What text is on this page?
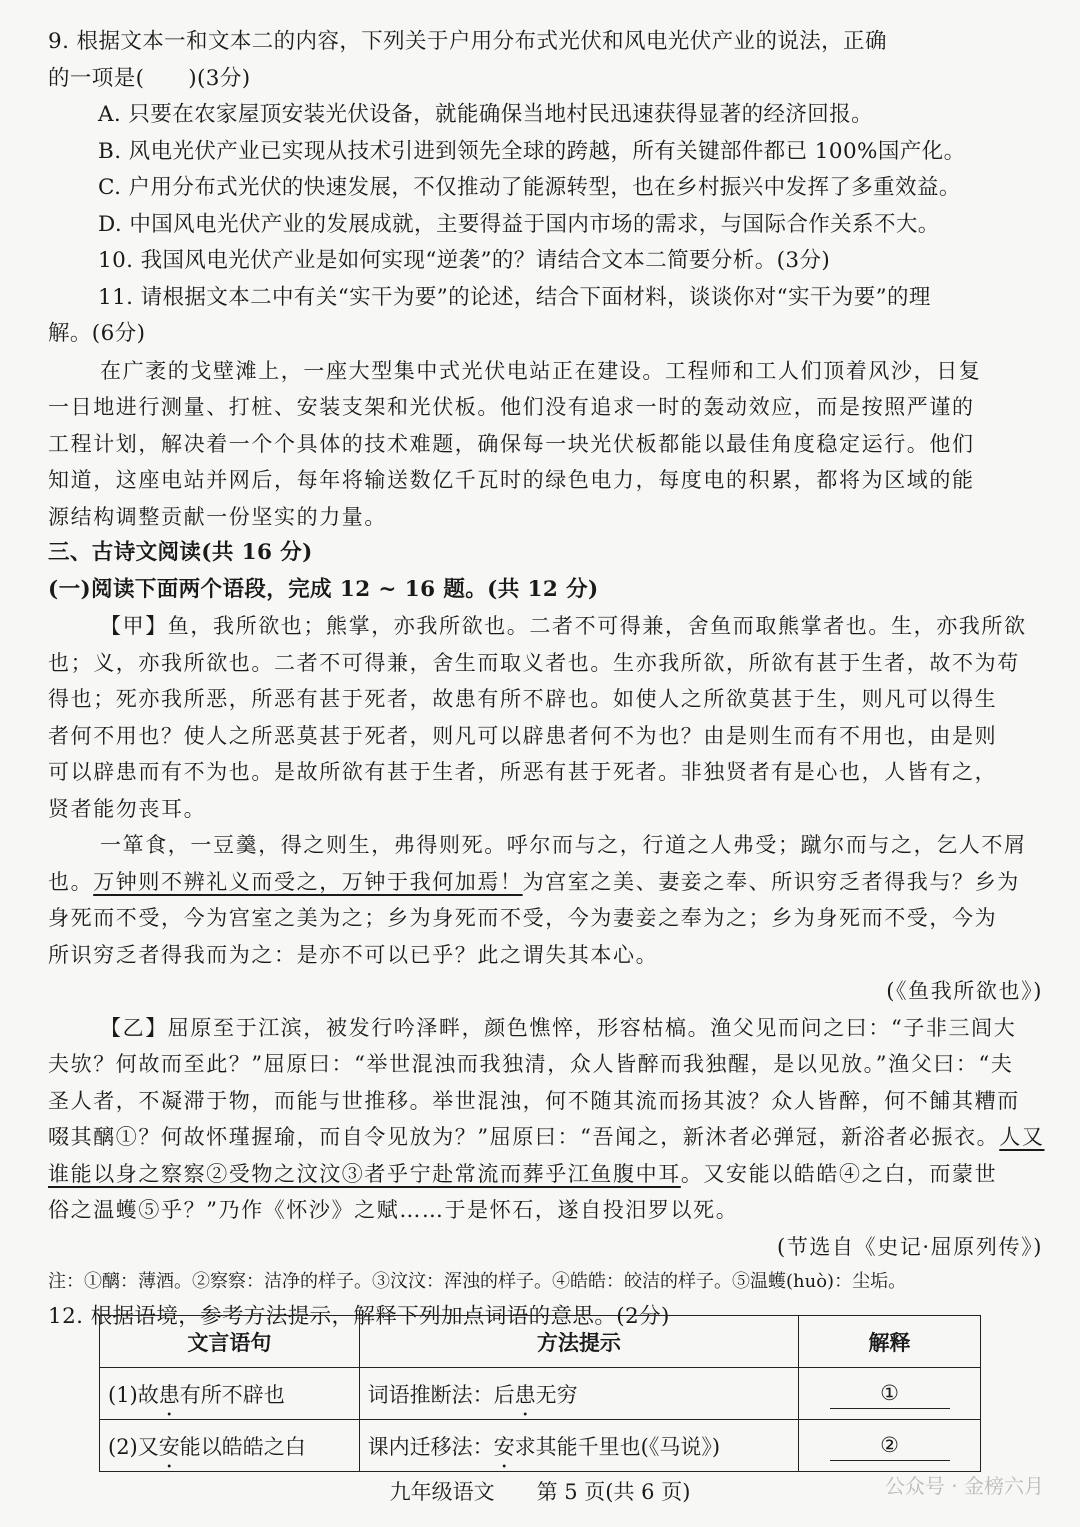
9. 根据文本一和文本二的内容，下列关于户用分布式光伏和风电光伏产业的说法，正确
的一项是(　　)(3分)
A. 只要在农家屋顶安装光伏设备，就能确保当地村民迅速获得显著的经济回报。
B. 风电光伏产业已实现从技术引进到领先全球的跨越，所有关键部件都已 100%国产化。
C. 户用分布式光伏的快速发展，不仅推动了能源转型，也在乡村振兴中发挥了多重效益。
D. 中国风电光伏产业的发展成就，主要得益于国内市场的需求，与国际合作关系不大。
10. 我国风电光伏产业是如何实现“逆袭”的？请结合文本二简要分析。(3分)
11. 请根据文本二中有关“实干为要”的论述，结合下面材料，谈谈你对“实干为要”的理
解。(6分)
在广袤的戈壁滩上，一座大型集中式光伏电站正在建设。工程师和工人们顶着风沙，日复
一日地进行测量、打桩、安装支架和光伏板。他们没有追求一时的轰动效应，而是按照严谨的
工程计划，解决着一个个具体的技术难题，确保每一块光伏板都能以最佳角度稳定运行。他们
知道，这座电站并网后，每年将输送数亿千瓦时的绿色电力，每度电的积累，都将为区域的能
源结构调整贡献一份坚实的力量。
三、古诗文阅读(共 16 分)
(一)阅读下面两个语段，完成 12 ~ 16 题。(共 12 分)
【甲】鱼，我所欲也；熊掌，亦我所欲也。二者不可得兼，舍鱼而取熊掌者也。生，亦我所欲
也；义，亦我所欲也。二者不可得兼，舍生而取义者也。生亦我所欲，所欲有甚于生者，故不为苟
得也；死亦我所恶，所恶有甚于死者，故患有所不辟也。如使人之所欲莫甚于生，则凡可以得生
者何不用也？使人之所恶莫甚于死者，则凡可以辟患者何不为也？由是则生而有不用也，由是则
可以辟患而有不为也。是故所欲有甚于生者，所恶有甚于死者。非独贤者有是心也，人皆有之，
贤者能勿丧耳。
一箪食，一豆羹，得之则生，弗得则死。呼尔而与之，行道之人弗受；蹴尔而与之，乞人不屑
也。万钟则不辨礼义而受之，万钟于我何加焉！为宫室之美、妻妾之奉、所识穷乏者得我与？乡为
身死而不受，今为宫室之美为之；乡为身死而不受，今为妻妾之奉为之；乡为身死而不受，今为
所识穷乏者得我而为之：是亦不可以已乎？此之谓失其本心。
(《鱼我所欲也》)
【乙】屈原至于江滨，被发行吟泽畔，颜色憔悴，形容枯槁。渔父见而问之曰：“子非三闾大
夫欤？何故而至此？”屈原曰：“举世混浊而我独清，众人皆醉而我独醒，是以见放。”渔父曰：“夫
圣人者，不凝滞于物，而能与世推移。举世混浊，何不随其流而扬其波？众人皆醉，何不餔其糟而
啜其醨①？何故怀瑾握瑜，而自令见放为？”屈原曰：“吾闻之，新沐者必弹冠，新浴者必振衣。人又
谁能以身之察察②受物之汶汶③者乎宁赴常流而葬乎江鱼腹中耳。又安能以皓皓④之白，而蒙世
俗之温蠖⑤乎？”乃作《怀沙》之赋……于是怀石，遂自投汨罗以死。
(节选自《史记·屈原列传》)
注：①醨：薄酒。②察察：洁净的样子。③汶汶：浑浊的样子。④皓皓：皎洁的样子。⑤温蠖(huò)：尘垢。
12. 根据语境，参考方法提示，解释下列加点词语的意思。(2分)
文言语句	方法提示	解释
(1)故患有所不辟也	词语推断法：后患无穷	①
(2)又安能以皓皓之白	课内迁移法：安求其能千里也(《马说》)	②
九年级语文　　第 5 页(共 6 页)	公众号 · 金榜六月
